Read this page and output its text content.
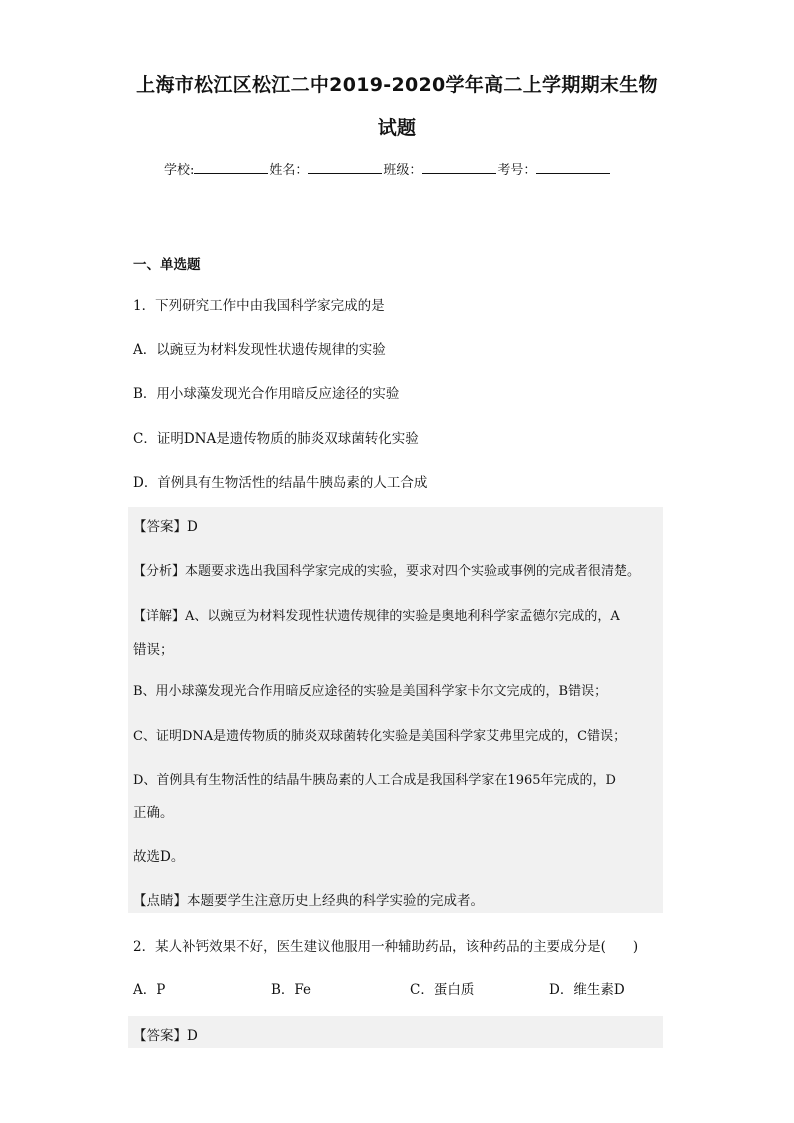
上海市松江区松江二中2019-2020学年高二上学期期末生物
试题
学校:	姓名：	班级：	考号：
一、单选题
1．下列研究工作中由我国科学家完成的是
A．以豌豆为材料发现性状遗传规律的实验
B．用小球藻发现光合作用暗反应途径的实验
C．证明DNA是遗传物质的肺炎双球菌转化实验
D．首例具有生物活性的结晶牛胰岛素的人工合成
【答案】D
【分析】本题要求选出我国科学家完成的实验，要求对四个实验或事例的完成者很清楚。
【详解】A、以豌豆为材料发现性状遗传规律的实验是奥地利科学家孟德尔完成的，A
错误；
B、用小球藻发现光合作用暗反应途径的实验是美国科学家卡尔文完成的，B错误；
C、证明DNA是遗传物质的肺炎双球菌转化实验是美国科学家艾弗里完成的，C错误；
D、首例具有生物活性的结晶牛胰岛素的人工合成是我国科学家在1965年完成的，D
正确。
故选D。
【点睛】本题要学生注意历史上经典的科学实验的完成者。
2．某人补钙效果不好，医生建议他服用一种辅助药品，该种药品的主要成分是(　　)
A．P	B．Fe	C．蛋白质	D．维生素D
【答案】D
